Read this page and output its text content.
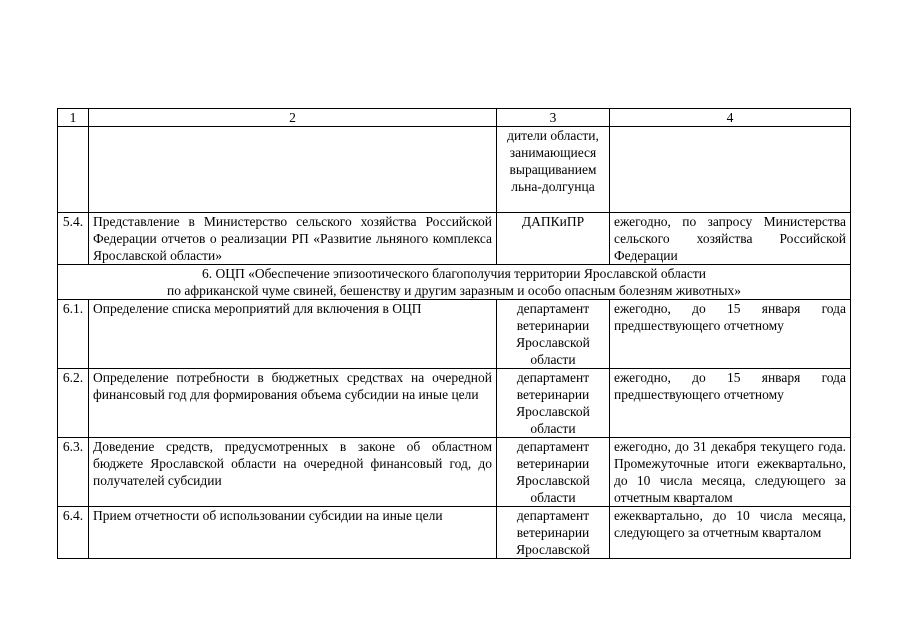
1	2	3	4
		дители области, занимающиеся выращиванием льна-долгунца	
5.4.	Представление в Министерство сельского хозяйства Российской Федерации отчетов о реализации РП «Развитие льняного комплекса Ярославской области»	ДАПКиПР	ежегодно, по запросу Министерства сельского хозяйства Российской Федерации

6. ОЦП «Обеспечение эпизоотического благополучия территории Ярославской области
по африканской чуме свиней, бешенству и другим заразным и особо опасным болезням животных»			

6.1.	Определение списка мероприятий для включения в ОЦП	департамент ветеринарии Ярославской области	ежегодно, до 15 января года предшествующего отчетному
6.2.	Определение потребности в бюджетных средствах на очередной финансовый год для формирования объема субсидии на иные цели	департамент ветеринарии Ярославской области	ежегодно, до 15 января года предшествующего отчетному
6.3.	Доведение средств, предусмотренных в законе об областном бюджете Ярославской области на очередной финансовый год, до получателей субсидии	департамент ветеринарии Ярославской области	ежегодно, до 31 декабря текущего года. Промежуточные итоги ежеквартально, до 10 числа месяца, следующего за отчетным кварталом
6.4.	Прием отчетности об использовании субсидии на иные цели	департамент ветеринарии Ярославской	ежеквартально, до 10 числа месяца, следующего за отчетным кварталом
